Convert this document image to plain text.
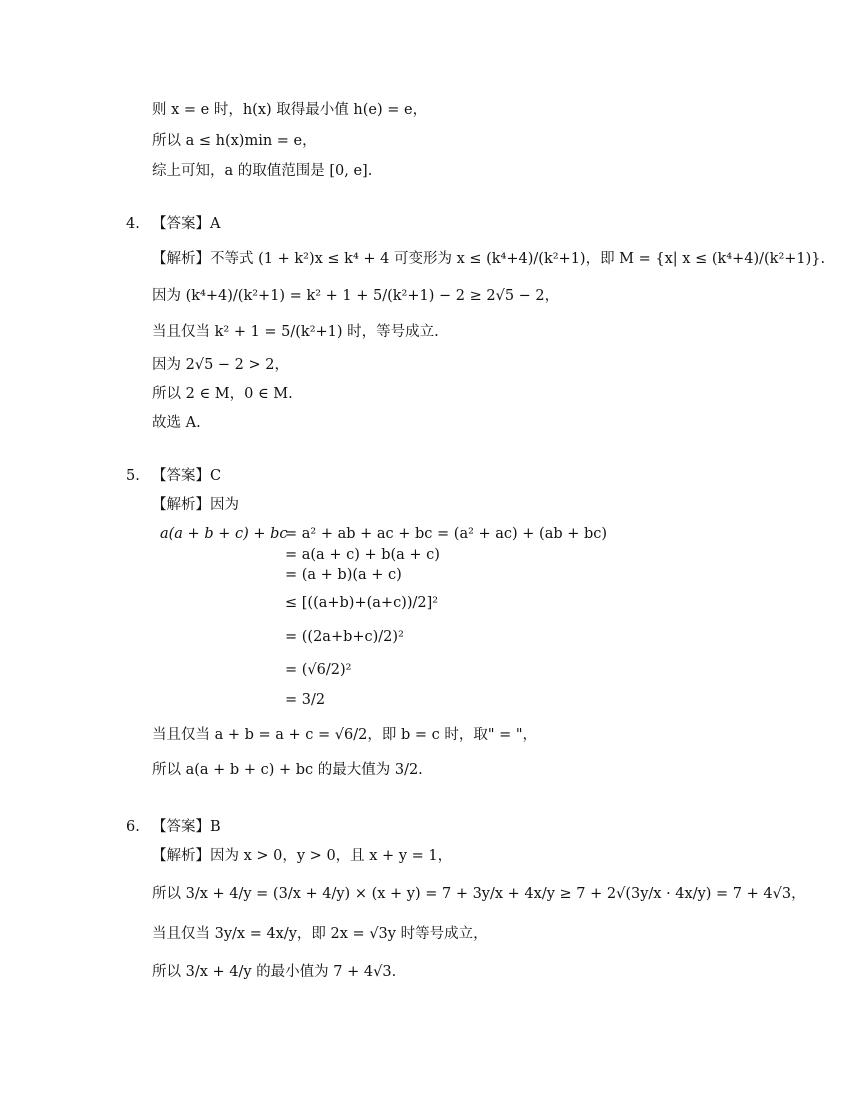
则 x = e 时，h(x) 取得最小值 h(e) = e，
所以 a ≤ h(x)min = e，
综上可知，a 的取值范围是 [0, e].
4. 【答案】A
【解析】不等式 (1 + k²)x ≤ k⁴ + 4 可变形为 x ≤ (k⁴+4)/(k²+1)，即 M = {x| x ≤ (k⁴+4)/(k²+1)}.
因为 (k⁴+4)/(k²+1) = k² + 1 + 5/(k²+1) − 2 ≥ 2√5 − 2，
当且仅当 k² + 1 = 5/(k²+1) 时，等号成立.
因为 2√5 − 2 > 2，
所以 2 ∈ M，0 ∈ M.
故选 A.
5. 【答案】C
【解析】因为
a(a + b + c) + bc
= a² + ab + ac + bc = (a² + ac) + (ab + bc)
= a(a + c) + b(a + c)
= (a + b)(a + c)
≤ [((a+b)+(a+c))/2]²
= ((2a+b+c)/2)²
= (√6/2)²
= 3/2
当且仅当 a + b = a + c = √6/2，即 b = c 时，取" = "，
所以 a(a + b + c) + bc 的最大值为 3/2.
6. 【答案】B
【解析】因为 x > 0，y > 0，且 x + y = 1，
所以 3/x + 4/y = (3/x + 4/y) × (x + y) = 7 + 3y/x + 4x/y ≥ 7 + 2√(3y/x · 4x/y) = 7 + 4√3，
当且仅当 3y/x = 4x/y，即 2x = √3y 时等号成立，
所以 3/x + 4/y 的最小值为 7 + 4√3.
